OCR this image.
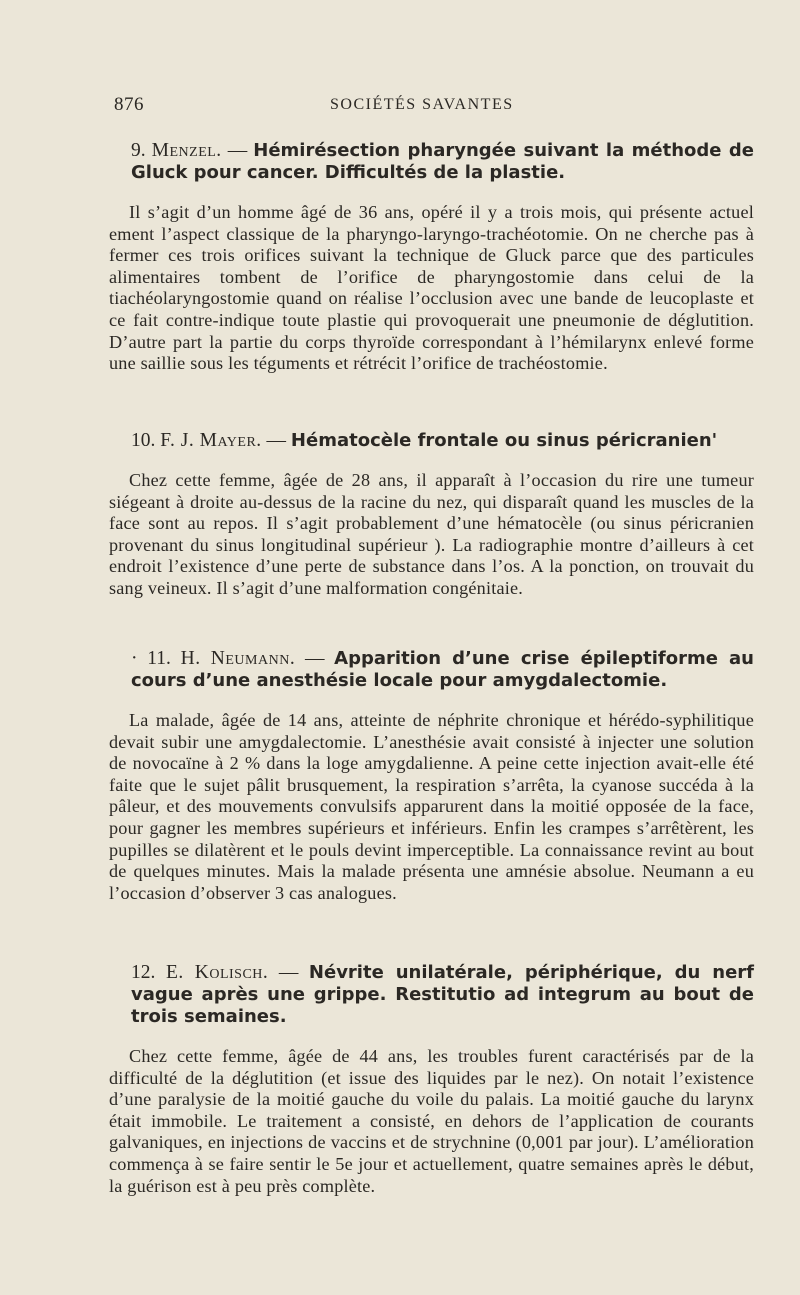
876	SOCIÉTÉS SAVANTES

9. Menzel. — Hémirésection pharyngée suivant la méthode de Gluck pour cancer. Difficultés de la plastie.

Il s’agit d’un homme âgé de 36 ans, opéré il y a trois mois, qui présente actuel ement l’aspect classique de la pharyngo-laryngo-trachéotomie. On ne cherche pas à fermer ces trois orifices suivant la technique de Gluck parce que des particules alimentaires tombent de l’orifice de pharyngostomie dans celui de la tiachéolaryngostomie quand on réalise l’occlusion avec une bande de leucoplaste et ce fait contre-indique toute plastie qui provoquerait une pneumonie de déglutition. D’autre part la partie du corps thyroïde correspondant à l’hémilarynx enlevé forme une saillie sous les téguments et rétrécit l’orifice de trachéostomie.

10. F. J. Mayer. — Hématocèle frontale ou sinus péricranien'

Chez cette femme, âgée de 28 ans, il apparaît à l’occasion du rire une tumeur siégeant à droite au-dessus de la racine du nez, qui disparaît quand les muscles de la face sont au repos. Il s’agit probablement d’une hématocèle (ou sinus péricranien provenant du sinus longitudinal supérieur ). La radiographie montre d’ailleurs à cet endroit l’existence d’une perte de substance dans l’os. A la ponction, on trouvait du sang veineux. Il s’agit d’une malformation congénitaie.

· 11. H. Neumann. — Apparition d’une crise épileptiforme au cours d’une anesthésie locale pour amygdalectomie.

La malade, âgée de 14 ans, atteinte de néphrite chronique et hérédo-syphilitique devait subir une amygdalectomie. L’anesthésie avait consisté à injecter une solution de novocaïne à 2 % dans la loge amygdalienne. A peine cette injection avait-elle été faite que le sujet pâlit brusquement, la respiration s’arrêta, la cyanose succéda à la pâleur, et des mouvements convulsifs apparurent dans la moitié opposée de la face, pour gagner les membres supérieurs et inférieurs. Enfin les crampes s’arrêtèrent, les pupilles se dilatèrent et le pouls devint imperceptible. La connaissance revint au bout de quelques minutes. Mais la malade présenta une amnésie absolue. Neumann a eu l’occasion d’observer 3 cas analogues.

12. E. Kolisch. — Névrite unilatérale, périphérique, du nerf vague après une grippe. Restitutio ad integrum au bout de trois semaines.

Chez cette femme, âgée de 44 ans, les troubles furent caractérisés par de la difficulté de la déglutition (et issue des liquides par le nez). On notait l’existence d’une paralysie de la moitié gauche du voile du palais. La moitié gauche du larynx était immobile. Le traitement a consisté, en dehors de l’application de courants galvaniques, en injections de vaccins et de strychnine (0,001 par jour). L’amélioration commença à se faire sentir le 5e jour et actuellement, quatre semaines après le début, la guérison est à peu près complète.
